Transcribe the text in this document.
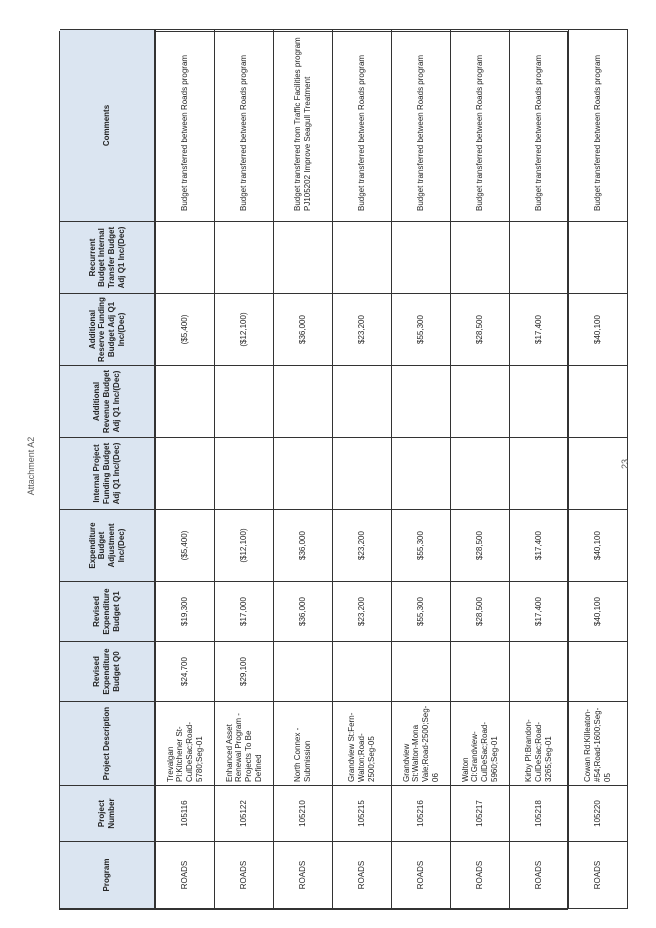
Attachment A2
Program	Project Number	Project Description	Revised Expenditure Budget Q0	Revised Expenditure Budget Q1	Expenditure Budget Adjustment Inc/(Dec)	Internal Project Funding Budget Adj Q1 Inc/(Dec)	Additional Revenue Budget Adj Q1 Inc/(Dec)	Additional Reserve Funding Budget Adj Q1 Inc/(Dec)	Recurrent Budget Internal Transfer Budget Adj Q1 Inc/(Dec)	Comments
ROADS	105116	Trevalgan Pl:Kitchener St-CulDeSac;Road-5780;Seg-01	$24,700	$19,300	($5,400)			($5,400)		Budget transferred between Roads program
ROADS	105122	Enhanced Asset Renewal Program - Projects To Be Defined	$29,100	$17,000	($12,100)			($12,100)		Budget transferred between Roads program
ROADS	105210	North Connex - Submission		$36,000	$36,000			$36,000		Budget transferred from Traffic Facilities program PJ105202 Improve Seagull Treatment
ROADS	105215	Grandview St:Fern-Walton;Road-2500;Seg-05		$23,200	$23,200			$23,200		Budget transferred between Roads program
ROADS	105216	Grandview St:Walton-Mona Vale;Road-2500;Seg-06		$55,300	$55,300			$55,300		Budget transferred between Roads program
ROADS	105217	Walton Cl:Grandview-CulDeSac;Road-5960;Seg-01		$28,500	$28,500			$28,500		Budget transferred between Roads program
ROADS	105218	Kirby Pl:Brandon-CulDeSac;Road-3265;Seg-01		$17,400	$17,400			$17,400		Budget transferred between Roads program
ROADS	105220	Cowan Rd:Killeaton-#54;Road-1600;Seg-05		$40,100	$40,100			$40,100		Budget transferred between Roads program
23
